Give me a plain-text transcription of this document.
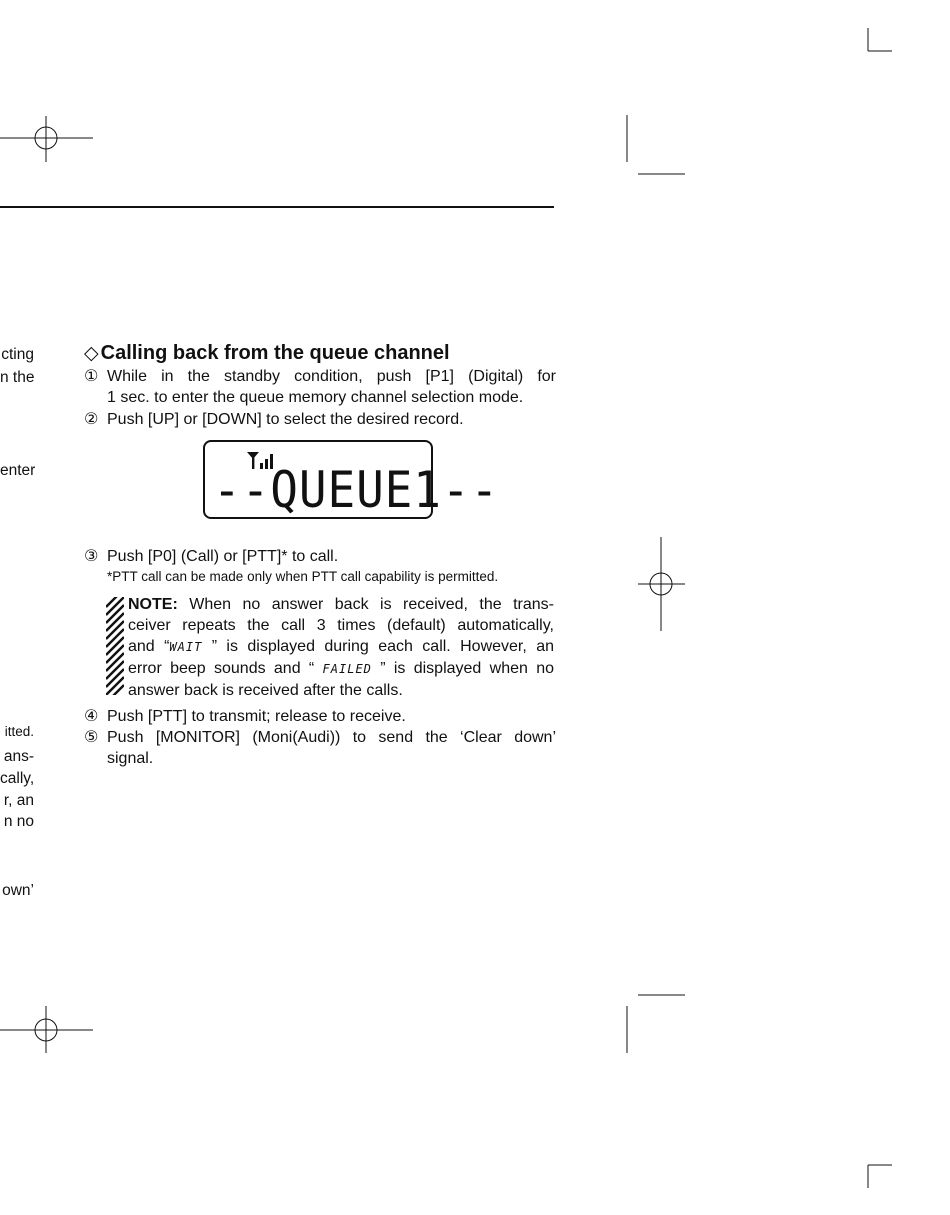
cting
n the
enter
itted.
ans-
cally,
r, an
n no
own’
◇ Calling back from the queue channel
① While in the standby condition, push [P1] (Digital) for
1 sec. to enter the queue memory channel selection mode.
② Push [UP] or [DOWN] to select the desired record.
--QUEUE1--
③ Push [P0] (Call) or [PTT]* to call.
*PTT call can be made only when PTT call capability is permitted.
NOTE: When no answer back is received, the trans-
ceiver repeats the call 3 times (default) automatically,
and “WAIT ” is displayed during each call. However, an
error beep sounds and “ FAILED ” is displayed when no
answer back is received after the calls.
④ Push [PTT] to transmit; release to receive.
⑤ Push [MONITOR] (Moni(Audi)) to send the ‘Clear down’
signal.
